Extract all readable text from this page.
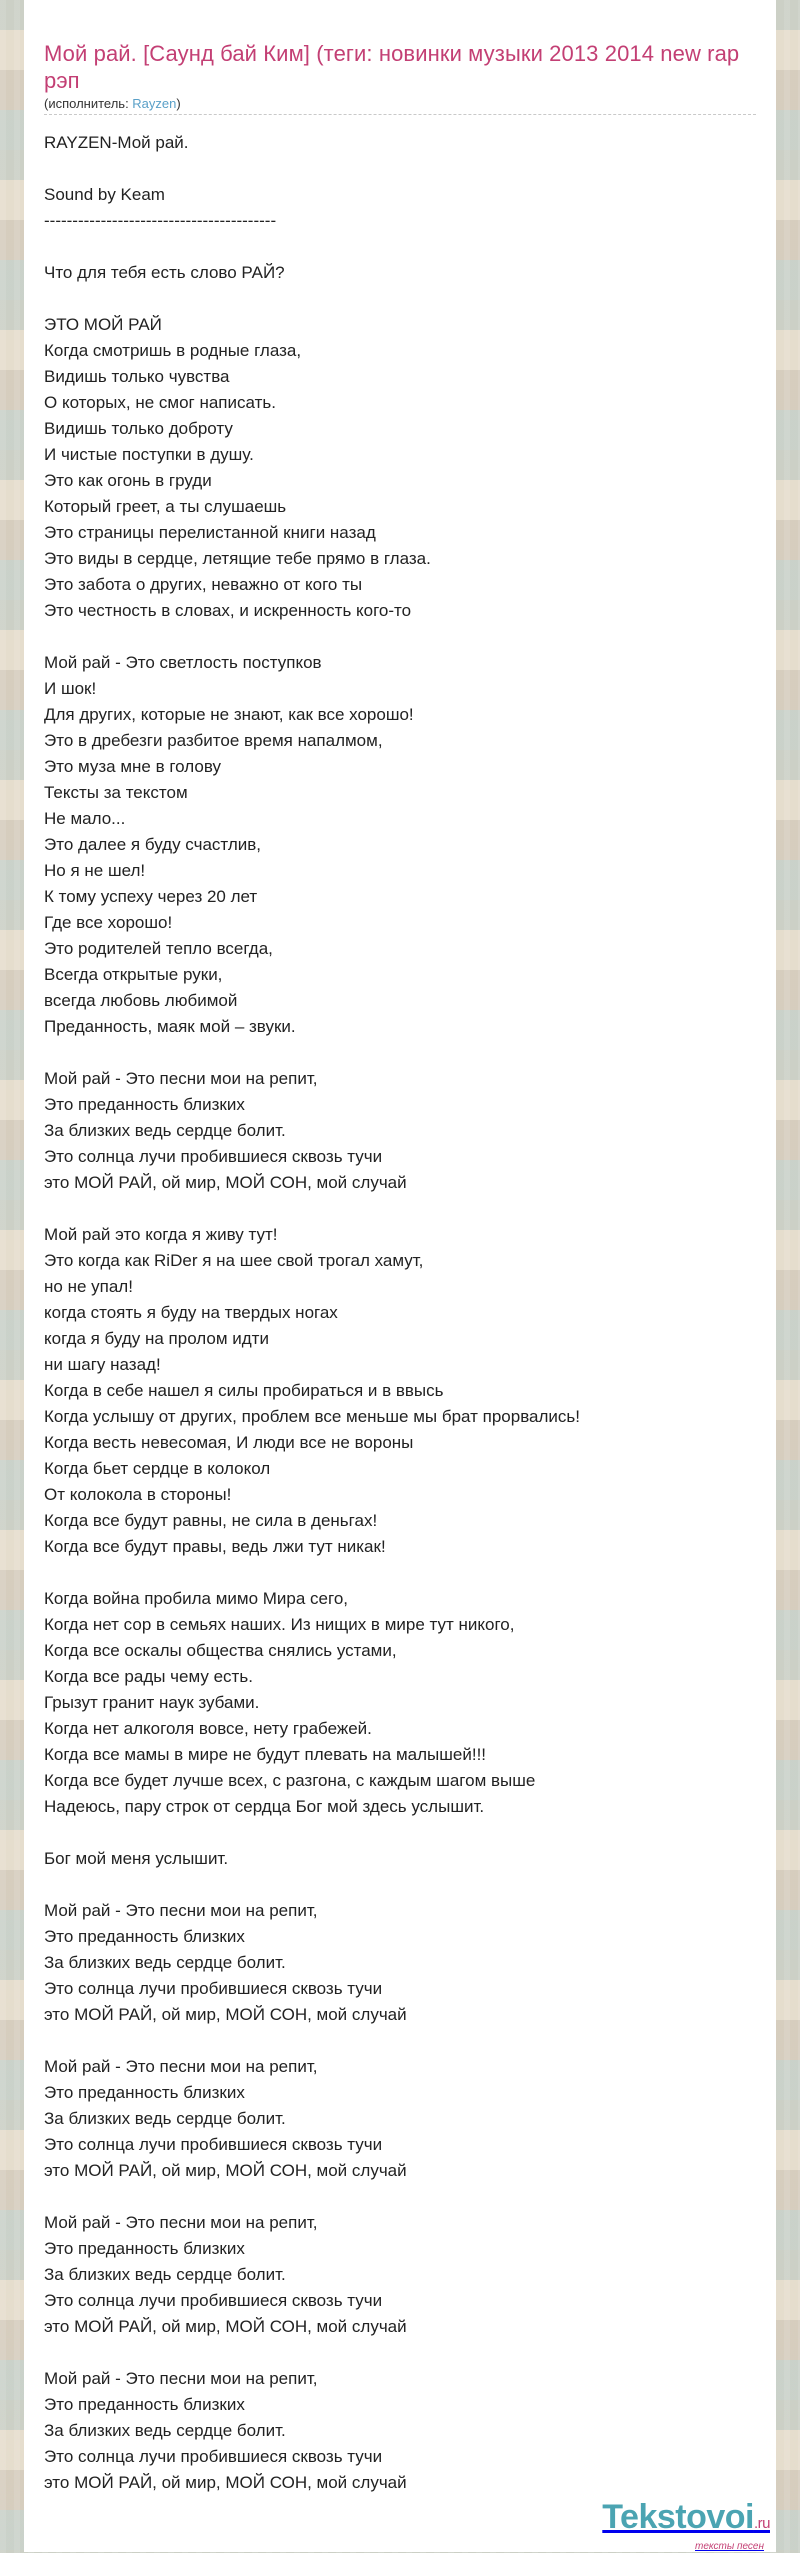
Мой рай. [Саунд бай Ким] (теги: новинки музыки 2013 2014 new rap рэп
(исполнитель: Rayzen)
RAYZEN-Мой рай.
Sound by Keam
-----------------------------------------
Что для тебя есть слово РАЙ?
ЭТО МОЙ РАЙ
Когда смотришь в родные глаза,
Видишь только чувства
О которых, не смог написать.
Видишь только доброту
И чистые поступки в душу.
Это как огонь в груди
Который греет, а ты слушаешь
Это страницы перелистанной книги назад
Это виды в сердце, летящие тебе прямо в глаза.
Это забота о других, неважно от кого ты
Это честность в словах, и искренность кого-то
Мой рай - Это светлость поступков
И шок!
Для других, которые не знают, как все хорошо!
Это в дребезги разбитое время напалмом,
Это муза мне в голову
Тексты за текстом
Не мало...
Это далее я буду счастлив,
Но я не шел!
К тому успеху через 20 лет
Где все хорошо!
Это родителей тепло всегда,
Всегда открытые руки,
всегда любовь любимой
Преданность, маяк мой – звуки.
Мой рай - Это песни мои на репит,
Это преданность близких
За близких ведь сердце болит.
Это солнца лучи пробившиеся сквозь тучи
это МОЙ РАЙ, ой мир, МОЙ СОН, мой случай
Мой рай это когда я живу тут!
Это когда как RiDer я на шее свой трогал хамут,
но не упал!
когда стоять я буду на твердых ногах
когда я буду на пролом идти
ни шагу назад!
Когда в себе нашел я силы пробираться и в ввысь
Когда услышу от других, проблем все меньше мы брат прорвались!
Когда весть невесомая, И люди все не вороны
Когда бьет сердце в колокол
От колокола в стороны!
Когда все будут равны, не сила в деньгах!
Когда все будут правы, ведь лжи тут никак!
Когда война пробила мимо Мира сего,
Когда нет сор в семьях наших. Из нищих в мире тут никого,
Когда все оскалы общества снялись устами,
Когда все рады чему есть.
Грызут гранит наук зубами.
Когда нет алкоголя вовсе, нету грабежей.
Когда все мамы в мире не будут плевать на малышей!!!
Когда все будет лучше всех, с разгона, с каждым шагом выше
Надеюсь, пару строк от сердца Бог мой здесь услышит.
Бог мой меня услышит.
Мой рай - Это песни мои на репит,
Это преданность близких
За близких ведь сердце болит.
Это солнца лучи пробившиеся сквозь тучи
это МОЙ РАЙ, ой мир, МОЙ СОН, мой случай
Мой рай - Это песни мои на репит,
Это преданность близких
За близких ведь сердце болит.
Это солнца лучи пробившиеся сквозь тучи
это МОЙ РАЙ, ой мир, МОЙ СОН, мой случай
Мой рай - Это песни мои на репит,
Это преданность близких
За близких ведь сердце болит.
Это солнца лучи пробившиеся сквозь тучи
это МОЙ РАЙ, ой мир, МОЙ СОН, мой случай
Мой рай - Это песни мои на репит,
Это преданность близких
За близких ведь сердце болит.
Это солнца лучи пробившиеся сквозь тучи
это МОЙ РАЙ, ой мир, МОЙ СОН, мой случай
Tekstovoi.ru
тексты песен
